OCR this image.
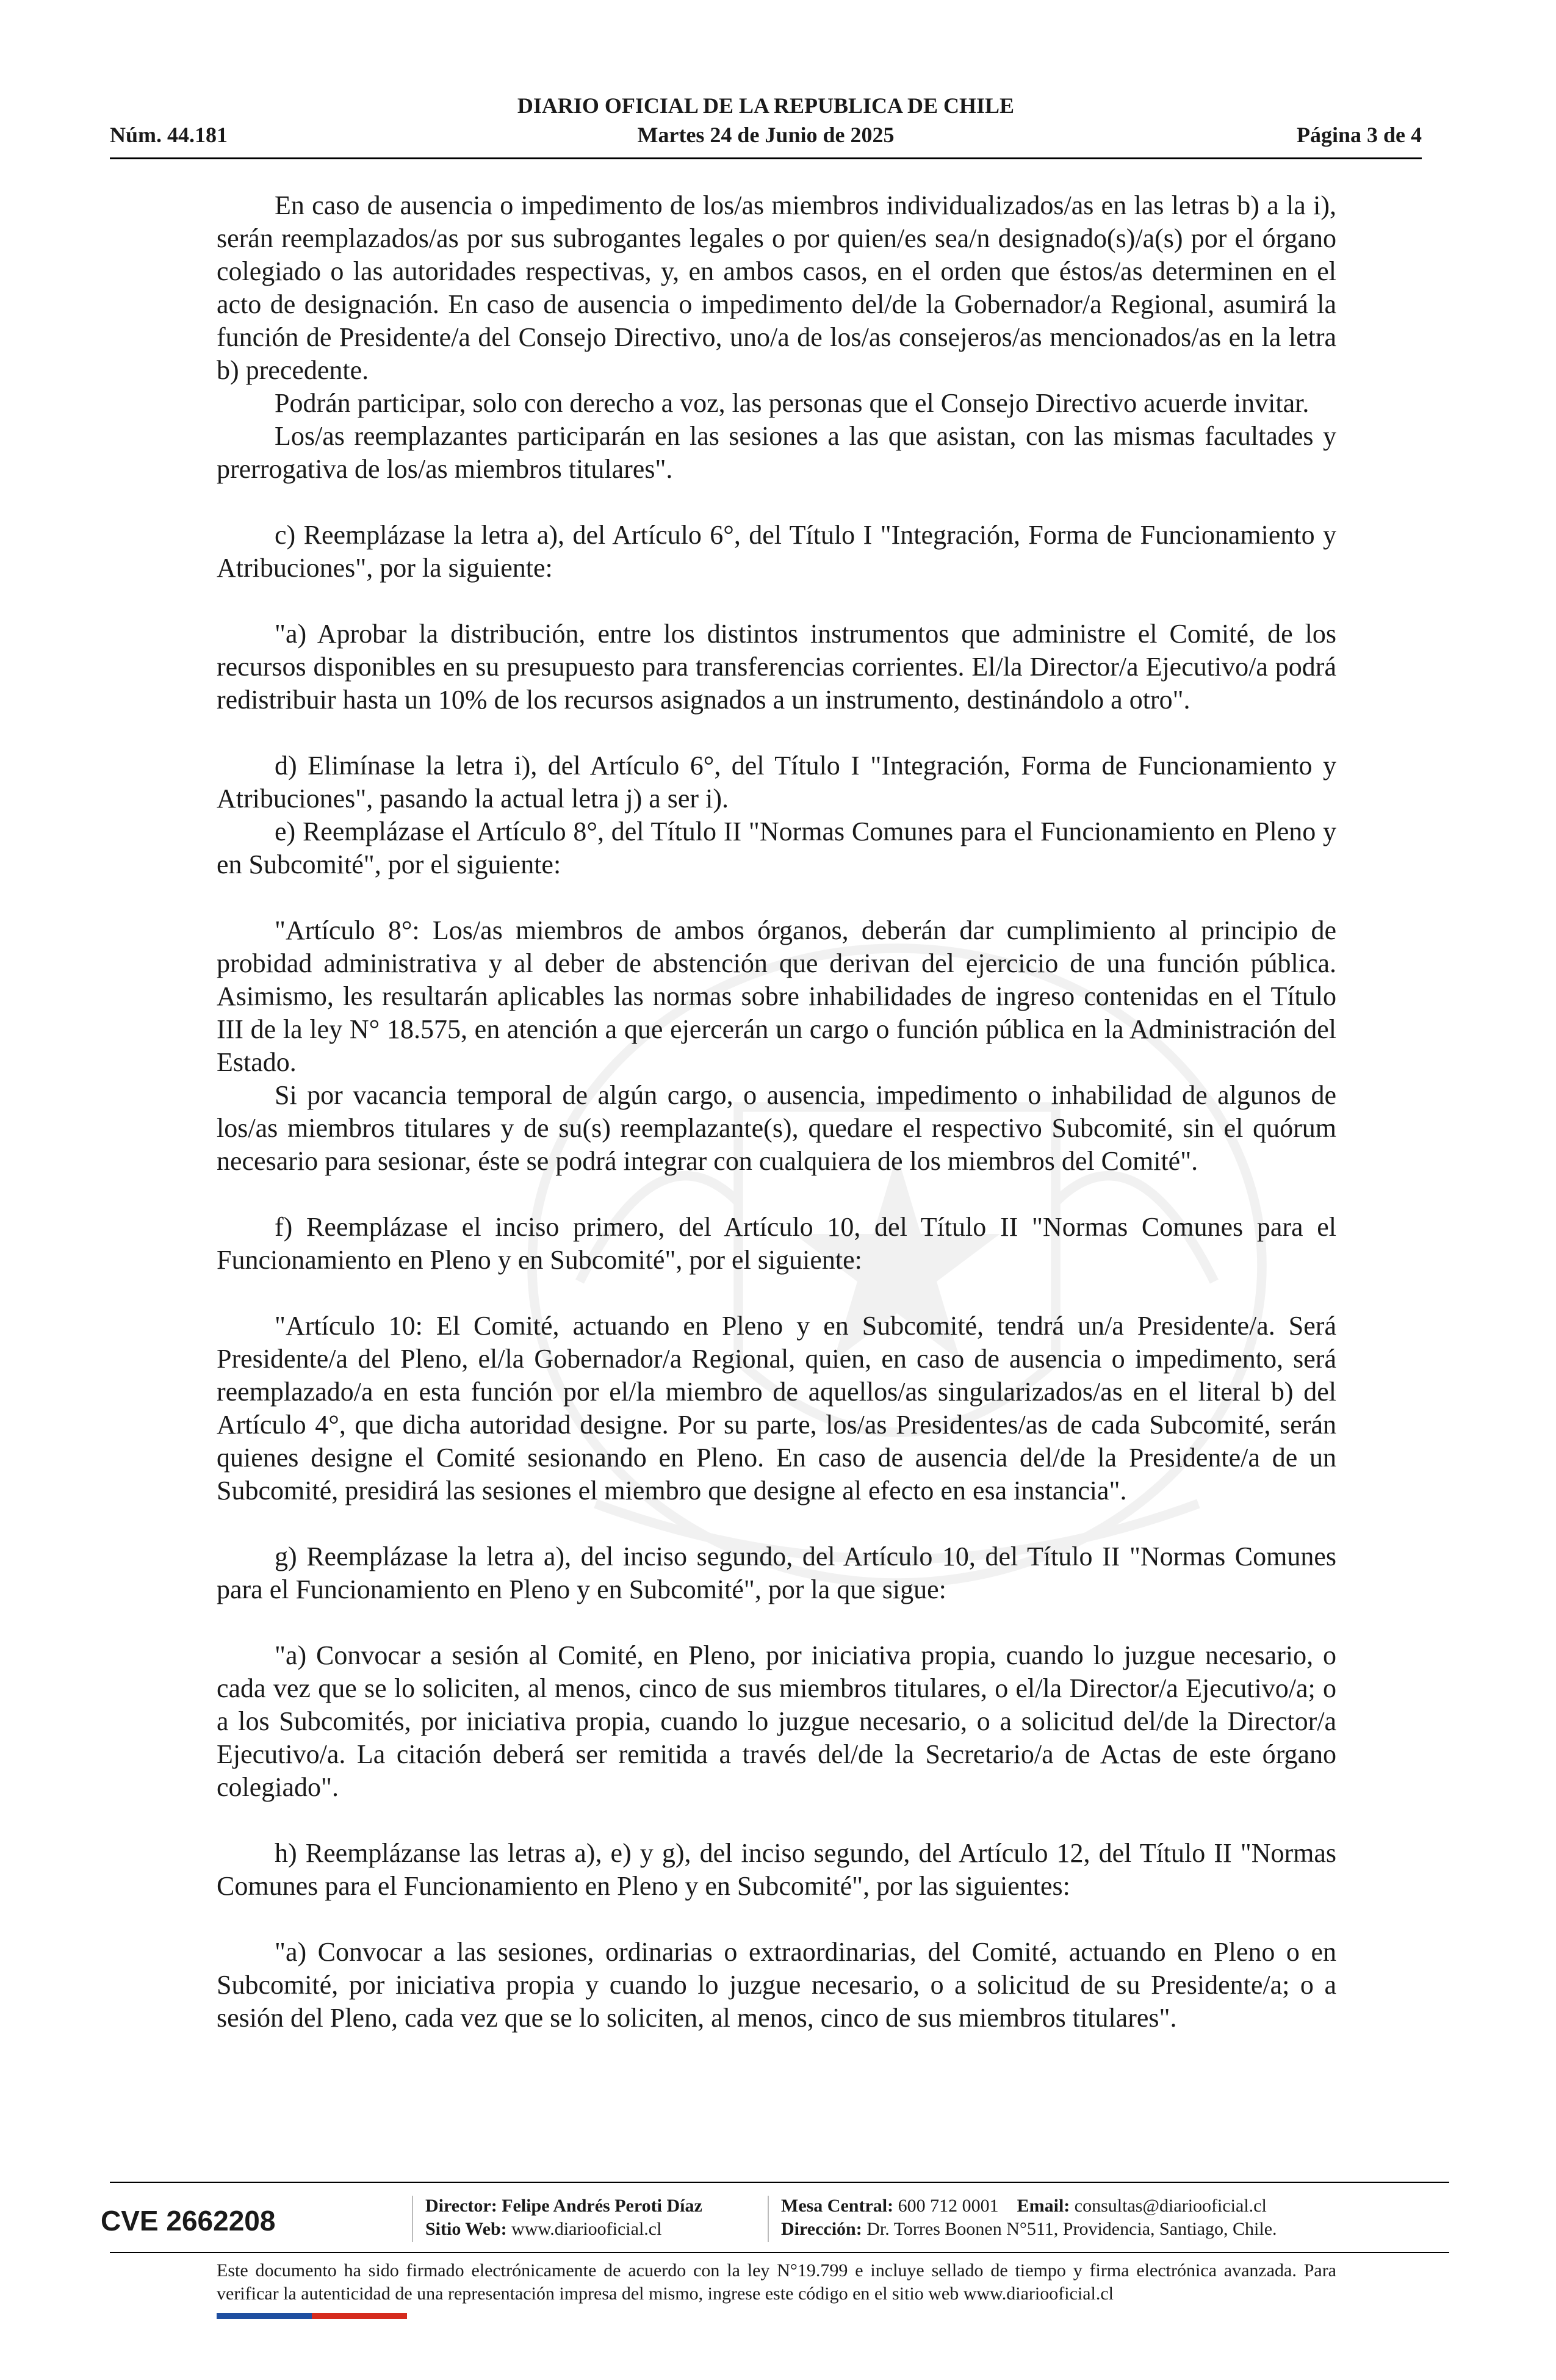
DIARIO OFICIAL DE LA REPUBLICA DE CHILE
Núm. 44.181	Martes 24 de Junio de 2025	Página 3 de 4

En caso de ausencia o impedimento de los/as miembros individualizados/as en las letras b) a la i), serán reemplazados/as por sus subrogantes legales o por quien/es sea/n designado(s)/a(s) por el órgano colegiado o las autoridades respectivas, y, en ambos casos, en el orden que éstos/as determinen en el acto de designación. En caso de ausencia o impedimento del/de la Gobernador/a Regional, asumirá la función de Presidente/a del Consejo Directivo, uno/a de los/as consejeros/as mencionados/as en la letra b) precedente.

Podrán participar, solo con derecho a voz, las personas que el Consejo Directivo acuerde invitar.

Los/as reemplazantes participarán en las sesiones a las que asistan, con las mismas facultades y prerrogativa de los/as miembros titulares".

c) Reemplázase la letra a), del Artículo 6°, del Título I "Integración, Forma de Funcionamiento y Atribuciones", por la siguiente:

"a) Aprobar la distribución, entre los distintos instrumentos que administre el Comité, de los recursos disponibles en su presupuesto para transferencias corrientes. El/la Director/a Ejecutivo/a podrá redistribuir hasta un 10% de los recursos asignados a un instrumento, destinándolo a otro".

d) Elimínase la letra i), del Artículo 6°, del Título I "Integración, Forma de Funcionamiento y Atribuciones", pasando la actual letra j) a ser i).

e) Reemplázase el Artículo 8°, del Título II "Normas Comunes para el Funcionamiento en Pleno y en Subcomité", por el siguiente:

"Artículo 8°: Los/as miembros de ambos órganos, deberán dar cumplimiento al principio de probidad administrativa y al deber de abstención que derivan del ejercicio de una función pública. Asimismo, les resultarán aplicables las normas sobre inhabilidades de ingreso contenidas en el Título III de la ley N° 18.575, en atención a que ejercerán un cargo o función pública en la Administración del Estado.

Si por vacancia temporal de algún cargo, o ausencia, impedimento o inhabilidad de algunos de los/as miembros titulares y de su(s) reemplazante(s), quedare el respectivo Subcomité, sin el quórum necesario para sesionar, éste se podrá integrar con cualquiera de los miembros del Comité".

f) Reemplázase el inciso primero, del Artículo 10, del Título II "Normas Comunes para el Funcionamiento en Pleno y en Subcomité", por el siguiente:

"Artículo 10: El Comité, actuando en Pleno y en Subcomité, tendrá un/a Presidente/a. Será Presidente/a del Pleno, el/la Gobernador/a Regional, quien, en caso de ausencia o impedimento, será reemplazado/a en esta función por el/la miembro de aquellos/as singularizados/as en el literal b) del Artículo 4°, que dicha autoridad designe. Por su parte, los/as Presidentes/as de cada Subcomité, serán quienes designe el Comité sesionando en Pleno. En caso de ausencia del/de la Presidente/a de un Subcomité, presidirá las sesiones el miembro que designe al efecto en esa instancia".

g) Reemplázase la letra a), del inciso segundo, del Artículo 10, del Título II "Normas Comunes para el Funcionamiento en Pleno y en Subcomité", por la que sigue:

"a) Convocar a sesión al Comité, en Pleno, por iniciativa propia, cuando lo juzgue necesario, o cada vez que se lo soliciten, al menos, cinco de sus miembros titulares, o el/la Director/a Ejecutivo/a; o a los Subcomités, por iniciativa propia, cuando lo juzgue necesario, o a solicitud del/de la Director/a Ejecutivo/a. La citación deberá ser remitida a través del/de la Secretario/a de Actas de este órgano colegiado".

h) Reemplázanse las letras a), e) y g), del inciso segundo, del Artículo 12, del Título II "Normas Comunes para el Funcionamiento en Pleno y en Subcomité", por las siguientes:

"a) Convocar a las sesiones, ordinarias o extraordinarias, del Comité, actuando en Pleno o en Subcomité, por iniciativa propia y cuando lo juzgue necesario, o a solicitud de su Presidente/a; o a sesión del Pleno, cada vez que se lo soliciten, al menos, cinco de sus miembros titulares".

CVE 2662208	Director: Felipe Andrés Peroti Díaz
Sitio Web: www.diariooficial.cl
Mesa Central: 600 712 0001 Email: consultas@diariooficial.cl
Dirección: Dr. Torres Boonen N°511, Providencia, Santiago, Chile.
Este documento ha sido firmado electrónicamente de acuerdo con la ley N°19.799 e incluye sellado de tiempo y firma electrónica avanzada. Para verificar la autenticidad de una representación impresa del mismo, ingrese este código en el sitio web www.diariooficial.cl
